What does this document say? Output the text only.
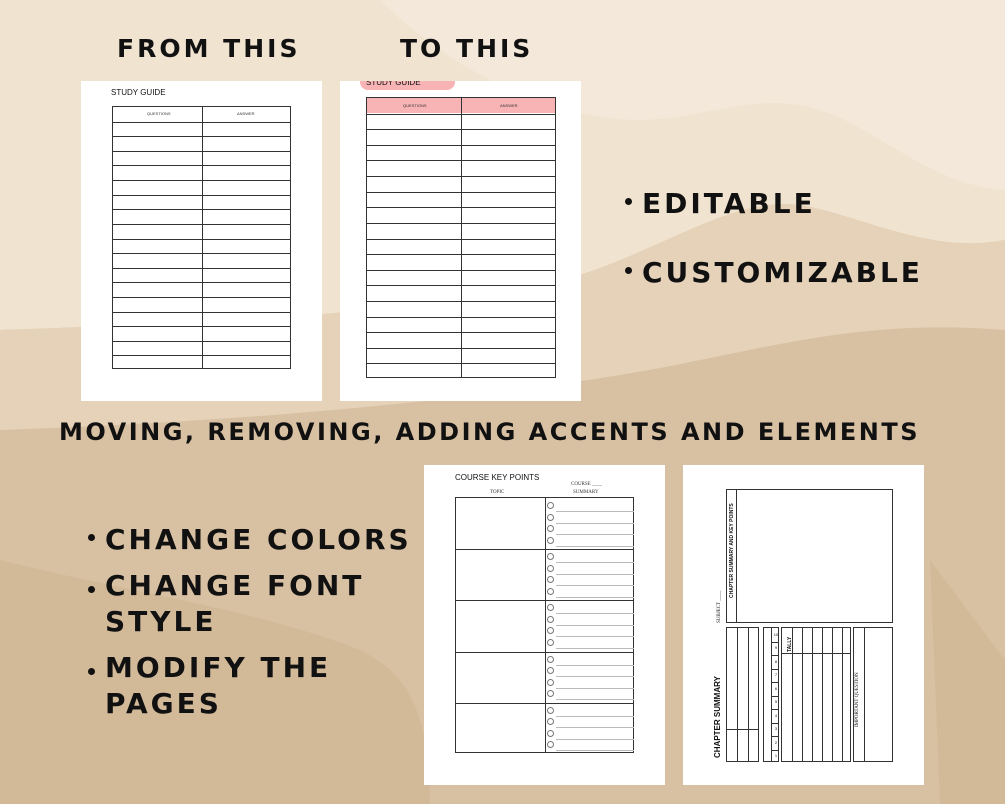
FROM THIS	TO THIS
STUDY GUIDE
QUESTIONS	ANSWER
STUDY GUIDE
QUESTIONS	ANSWER
EDITABLE
CUSTOMIZABLE
MOVING, REMOVING, ADDING ACCENTS AND ELEMENTS
CHANGE COLORS
CHANGE FONT STYLE
MODIFY THE PAGES
COURSE KEY POINTS
COURSE ____
TOPIC	SUMMARY
CHAPTER SUMMARY AND KEY POINTS
SUBJECT ____
CHAPTER SUMMARY	1
2
3
4
5
6
7
8
9
10
TALLY
IMPORTANT QUESTION
